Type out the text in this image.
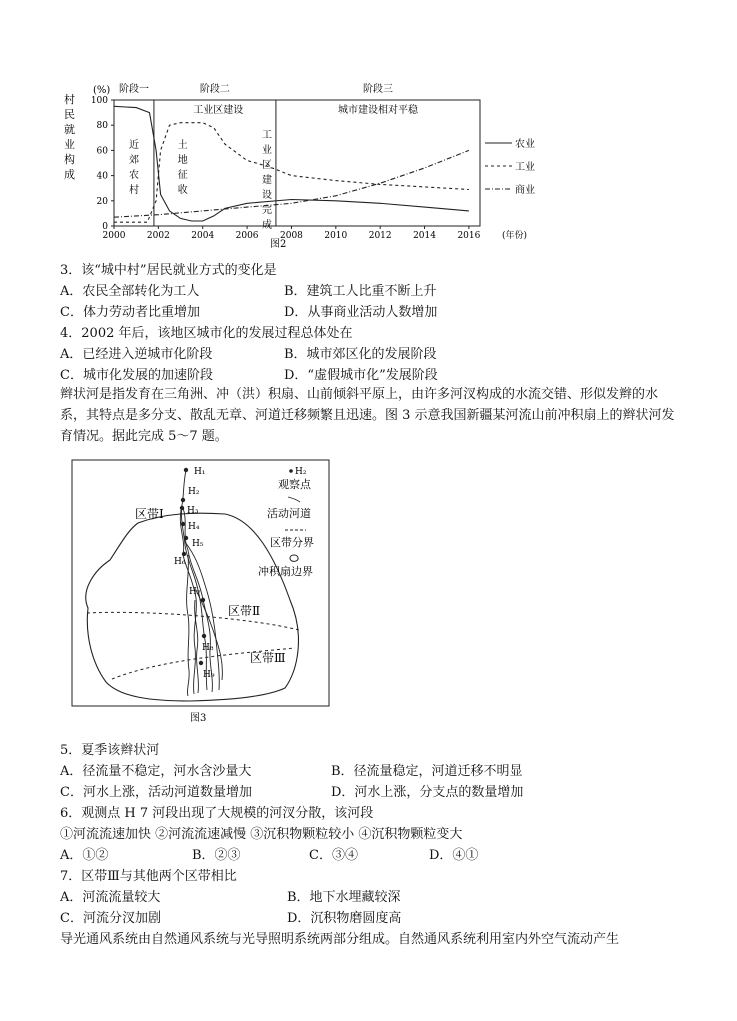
(%)
村
民
就
业
构
成
2000 2002 2004 2006 2008 2010 2012 2014 2016 (年份)
0
20
40
60
80
100
阶段一	阶段二	阶段三
工业区建设	城市建设相对平稳
近
郊
农
村
土
地
征
收
工
业
区
建
设
完
成
农业
工业
商业
图2
3．该“城中村”居民就业方式的变化是
A．农民全部转化为工人	B．建筑工人比重不断上升
C．体力劳动者比重增加	D．从事商业活动人数增加
4．2002 年后，该地区城市化的发展过程总体处在
A．已经进入逆城市化阶段	B．城市郊区化的发展阶段
C．城市化发展的加速阶段	D．“虚假城市化”发展阶段
辫状河是指发育在三角洲、冲（洪）积扇、山前倾斜平原上，由许多河汊构成的水流交错、形似发辫的水系，其特点是多分支、散乱无章、河道迁移频繁且迅速。图 3 示意我国新疆某河流山前冲积扇上的辫状河发育情况。据此完成 5～7 题。
H₁
H₂
H₃
H₄
H₅
H₆
H₇
H₈
H₉
区带Ⅰ
区带Ⅱ
区带Ⅲ
H₂
观察点
活动河道
区带分界
冲积扇边界
图3
5．夏季该辫状河
A．径流量不稳定，河水含沙量大	B．径流量稳定，河道迁移不明显
C．河水上涨，活动河道数量增加	D．河水上涨，分支点的数量增加
6．观测点 H 7 河段出现了大规模的河汊分散，该河段
①河流流速加快 ②河流流速减慢 ③沉积物颗粒较小 ④沉积物颗粒变大
A．①②	B．②③	C．③④	D．④①
7．区带Ⅲ与其他两个区带相比
A．河流流量较大	B．地下水埋藏较深
C．河流分汊加剧	D．沉积物磨圆度高
导光通风系统由自然通风系统与光导照明系统两部分组成。自然通风系统利用室内外空气流动产生
